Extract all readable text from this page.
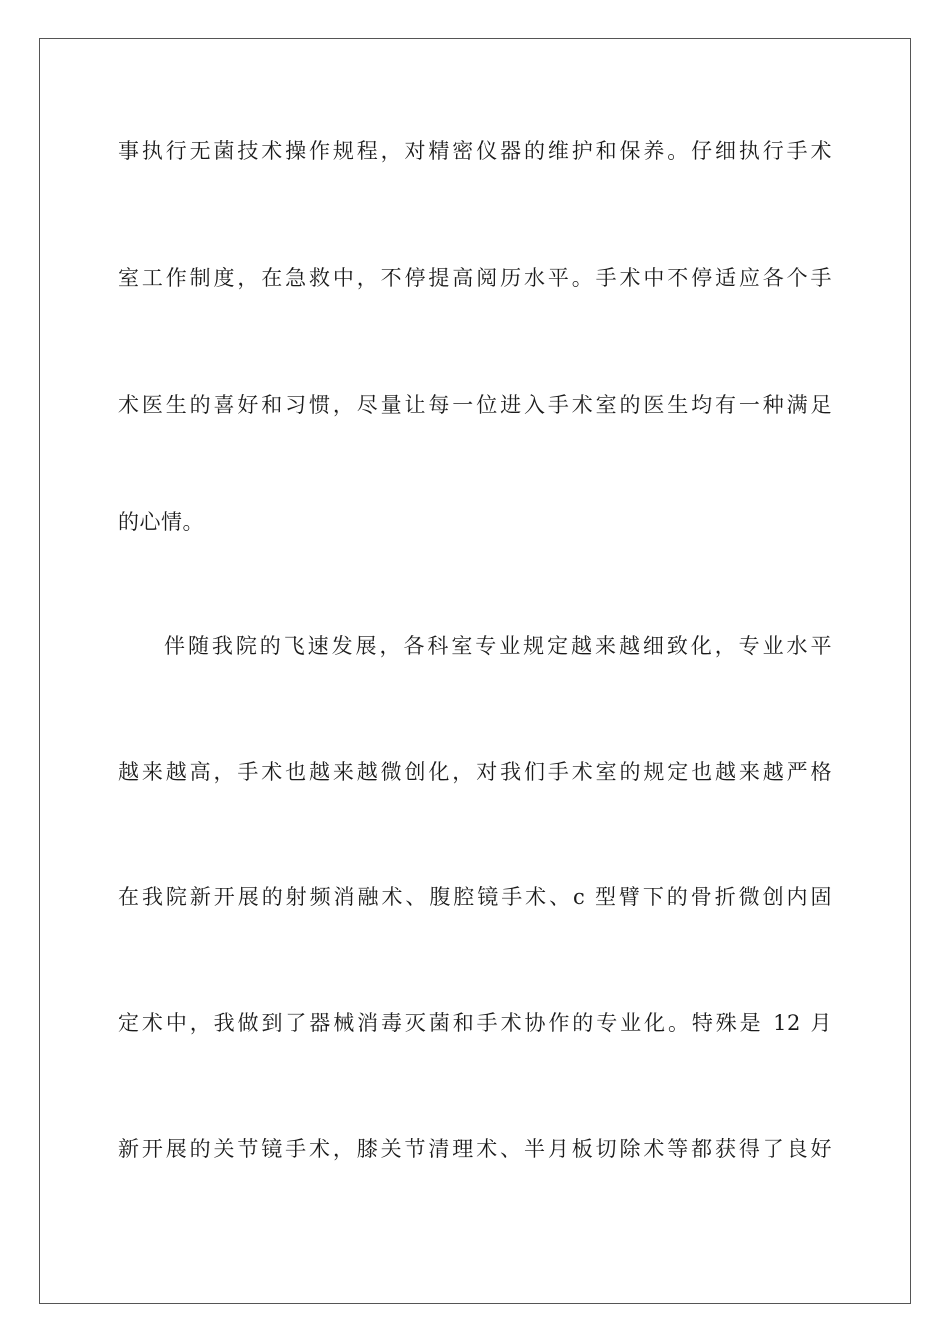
事执行无菌技术操作规程，对精密仪器的维护和保养。仔细执行手术
室工作制度，在急救中，不停提高阅历水平。手术中不停适应各个手
术医生的喜好和习惯，尽量让每一位进入手术室的医生均有一种满足
的心情。
伴随我院的飞速发展，各科室专业规定越来越细致化，专业水平
越来越高，手术也越来越微创化，对我们手术室的规定也越来越严格
在我院新开展的射频消融术、腹腔镜手术、c 型臂下的骨折微创内固
定术中，我做到了器械消毒灭菌和手术协作的专业化。特殊是 12 月
新开展的关节镜手术，膝关节清理术、半月板切除术等都获得了良好
